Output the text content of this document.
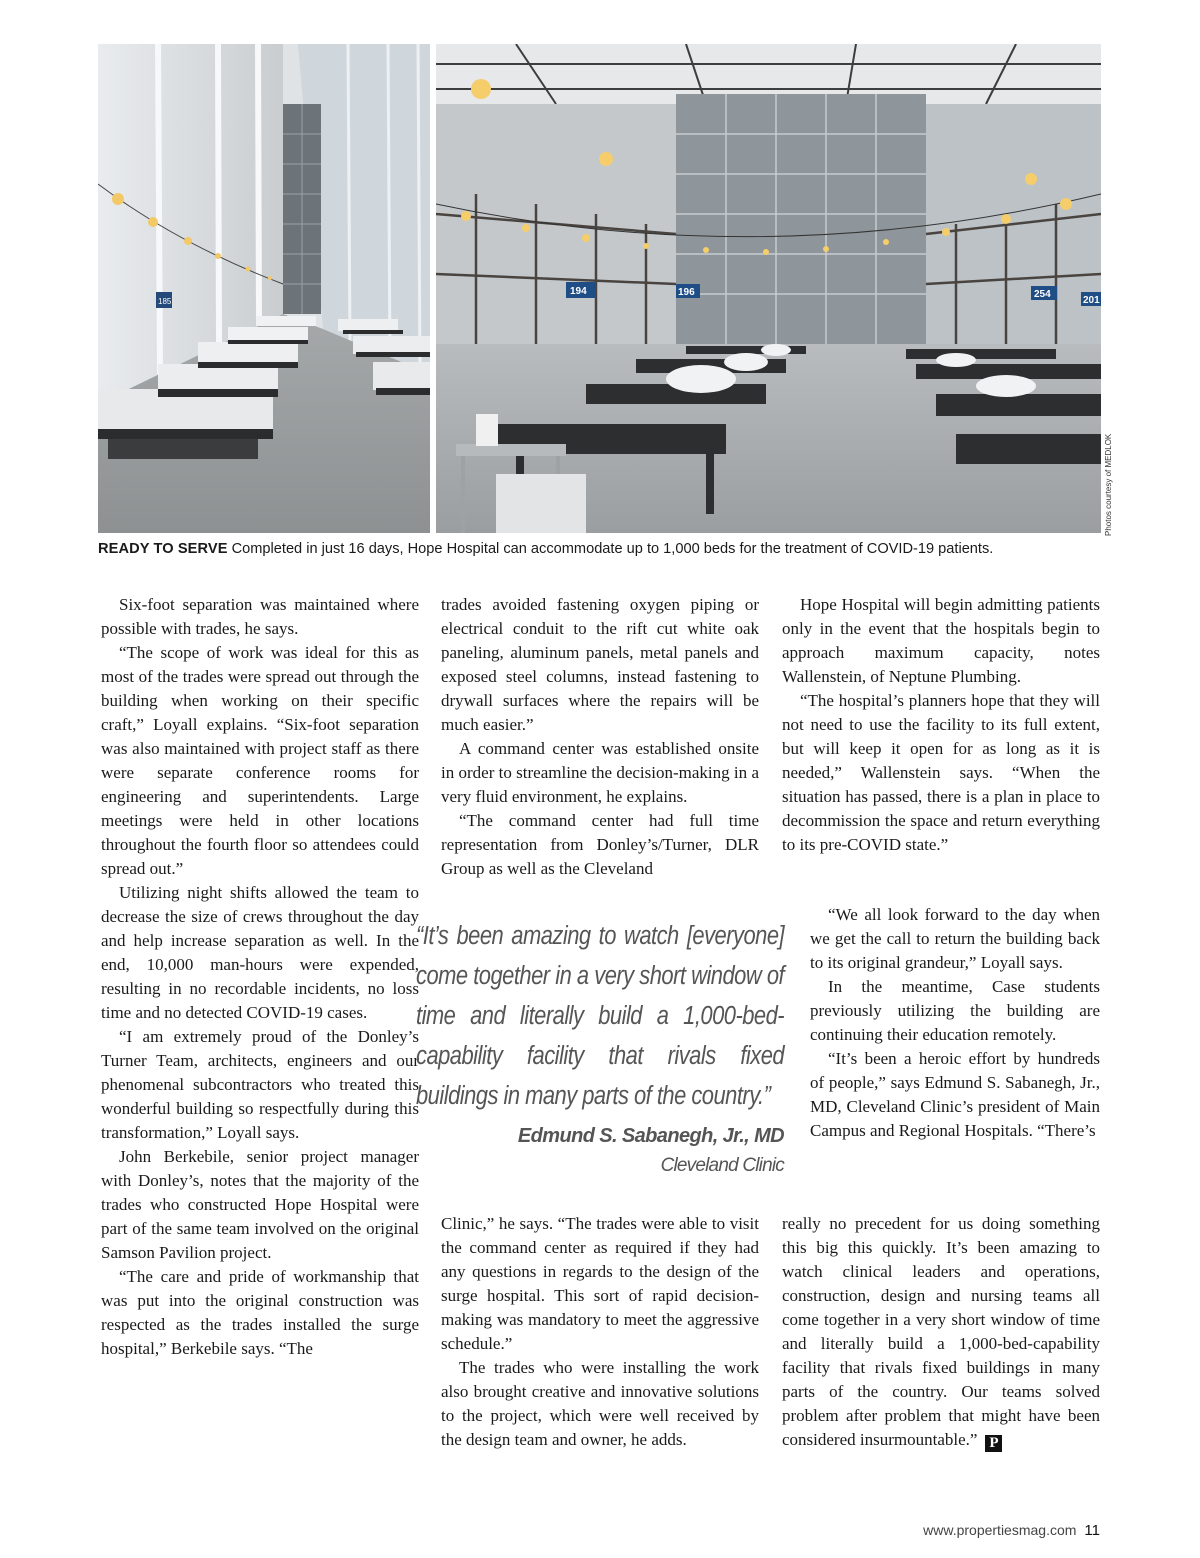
185
194	196	254
201
Photos courtesy of MEDLOK
READY TO SERVE Completed in just 16 days, Hope Hospital can accommodate up to 1,000 beds for the treatment of COVID-19 patients.

Six-foot separation was maintained where possible with trades, he says.

“The scope of work was ideal for this as most of the trades were spread out through the building when working on their specific craft,” Loyall explains. “Six-foot separation was also maintained with project staff as there were separate conference rooms for engineering and superintendents. Large meetings were held in other locations throughout the fourth floor so attendees could spread out.”

Utilizing night shifts allowed the team to decrease the size of crews throughout the day and help increase separation as well. In the end, 10,000 man-hours were expended, resulting in no recordable incidents, no loss time and no detected COVID-19 cases.

“I am extremely proud of the Donley’s Turner Team, architects, engineers and our phenomenal subcontractors who treated this wonderful building so respectfully during this transformation,” Loyall says.

John Berkebile, senior project manager with Donley’s, notes that the majority of the trades who constructed Hope Hospital were part of the same team involved on the original Samson Pavilion project.

“The care and pride of workmanship that was put into the original construction was respected as the trades installed the surge hospital,” Berkebile says. “The

trades avoided fastening oxygen piping or electrical conduit to the rift cut white oak paneling, aluminum panels, metal panels and exposed steel columns, instead fastening to drywall surfaces where the repairs will be much easier.”

A command center was established onsite in order to streamline the decision-making in a very fluid environment, he explains.

“The command center had full time representation from Donley’s/Turner, DLR Group as well as the Cleveland

“It’s been amazing to watch [everyone] come together in a very short window of time and literally build a 1,000-bed-capability facility that rivals fixed buildings in many parts of the country.”
Edmund S. Sabanegh, Jr., MD
Cleveland Clinic

Clinic,” he says. “The trades were able to visit the command center as required if they had any questions in regards to the design of the surge hospital. This sort of rapid decision-making was mandatory to meet the aggressive schedule.”

The trades who were installing the work also brought creative and innovative solutions to the project, which were well received by the design team and owner, he adds.

Hope Hospital will begin admitting patients only in the event that the hospitals begin to approach maximum capacity, notes Wallenstein, of Neptune Plumbing.

“The hospital’s planners hope that they will not need to use the facility to its full extent, but will keep it open for as long as it is needed,” Wallenstein says. “When the situation has passed, there is a plan in place to decommission the space and return everything to its pre-COVID state.”

“We all look forward to the day when we get the call to return the building back to its original grandeur,” Loyall says.

In the meantime, Case students previously utilizing the building are continuing their education remotely.

“It’s been a heroic effort by hundreds of people,” says Edmund S. Sabanegh, Jr., MD, Cleveland Clinic’s president of Main Campus and Regional Hospitals. “There’s

really no precedent for us doing something this big this quickly. It’s been amazing to watch clinical leaders and operations, construction, design and nursing teams all come together in a very short window of time and literally build a 1,000-bed-capability facility that rivals fixed buildings in many parts of the country. Our teams solved problem after problem that might have been considered insurmountable.” P

www.propertiesmag.com 11
